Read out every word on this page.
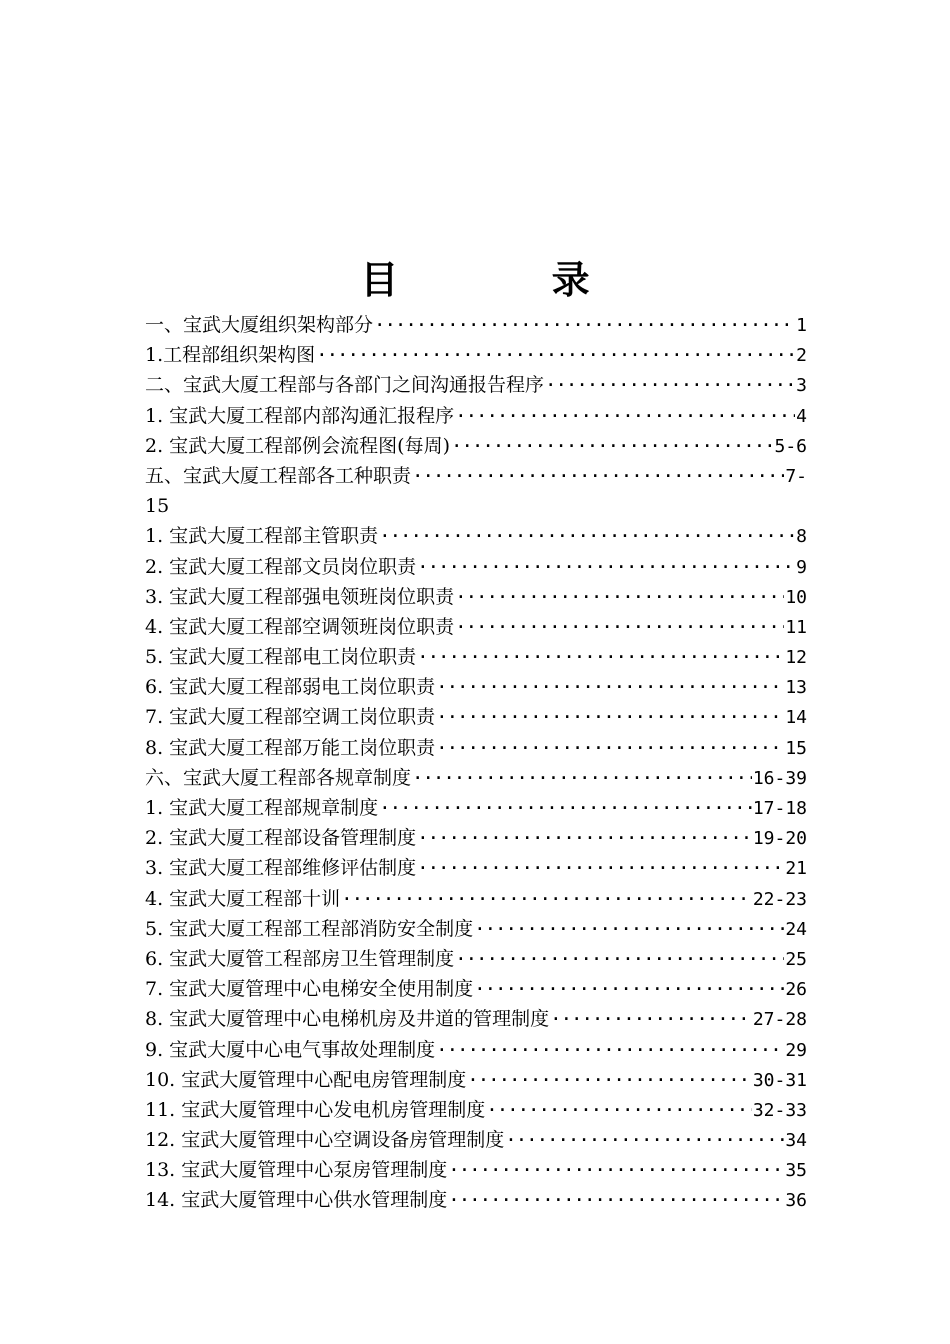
目 录
一、宝武大厦组织架构部分 ·····	1
1.工程部组织架构图 ·····	2
二、宝武大厦工程部与各部门之间沟通报告程序 ·····	3
1. 宝武大厦工程部内部沟通汇报程序 ·····	4
2. 宝武大厦工程部例会流程图(每周) ·····	5-6
五、宝武大厦工程部各工种职责 ·····	7-
15
1. 宝武大厦工程部主管职责 ·····	8
2. 宝武大厦工程部文员岗位职责 ·····	9
3. 宝武大厦工程部强电领班岗位职责 ·····	10
4. 宝武大厦工程部空调领班岗位职责 ·····	11
5. 宝武大厦工程部电工岗位职责 ·····	12
6. 宝武大厦工程部弱电工岗位职责 ·····	13
7. 宝武大厦工程部空调工岗位职责 ·····	14
8. 宝武大厦工程部万能工岗位职责 ·····	15
六、宝武大厦工程部各规章制度 ·····	16-39
1. 宝武大厦工程部规章制度 ·····	17-18
2. 宝武大厦工程部设备管理制度 ·····	19-20
3. 宝武大厦工程部维修评估制度 ·····	21
4. 宝武大厦工程部十训 ·····	22-23
5. 宝武大厦工程部工程部消防安全制度 ·····	24
6. 宝武大厦管工程部房卫生管理制度 ·····	25
7. 宝武大厦管理中心电梯安全使用制度 ·····	26
8. 宝武大厦管理中心电梯机房及井道的管理制度 ·····	27-28
9. 宝武大厦中心电气事故处理制度 ·····	29
10. 宝武大厦管理中心配电房管理制度 ·····	30-31
11. 宝武大厦管理中心发电机房管理制度 ·····	32-33
12. 宝武大厦管理中心空调设备房管理制度 ·····	34
13. 宝武大厦管理中心泵房管理制度 ·····	35
14. 宝武大厦管理中心供水管理制度 ·····	36
